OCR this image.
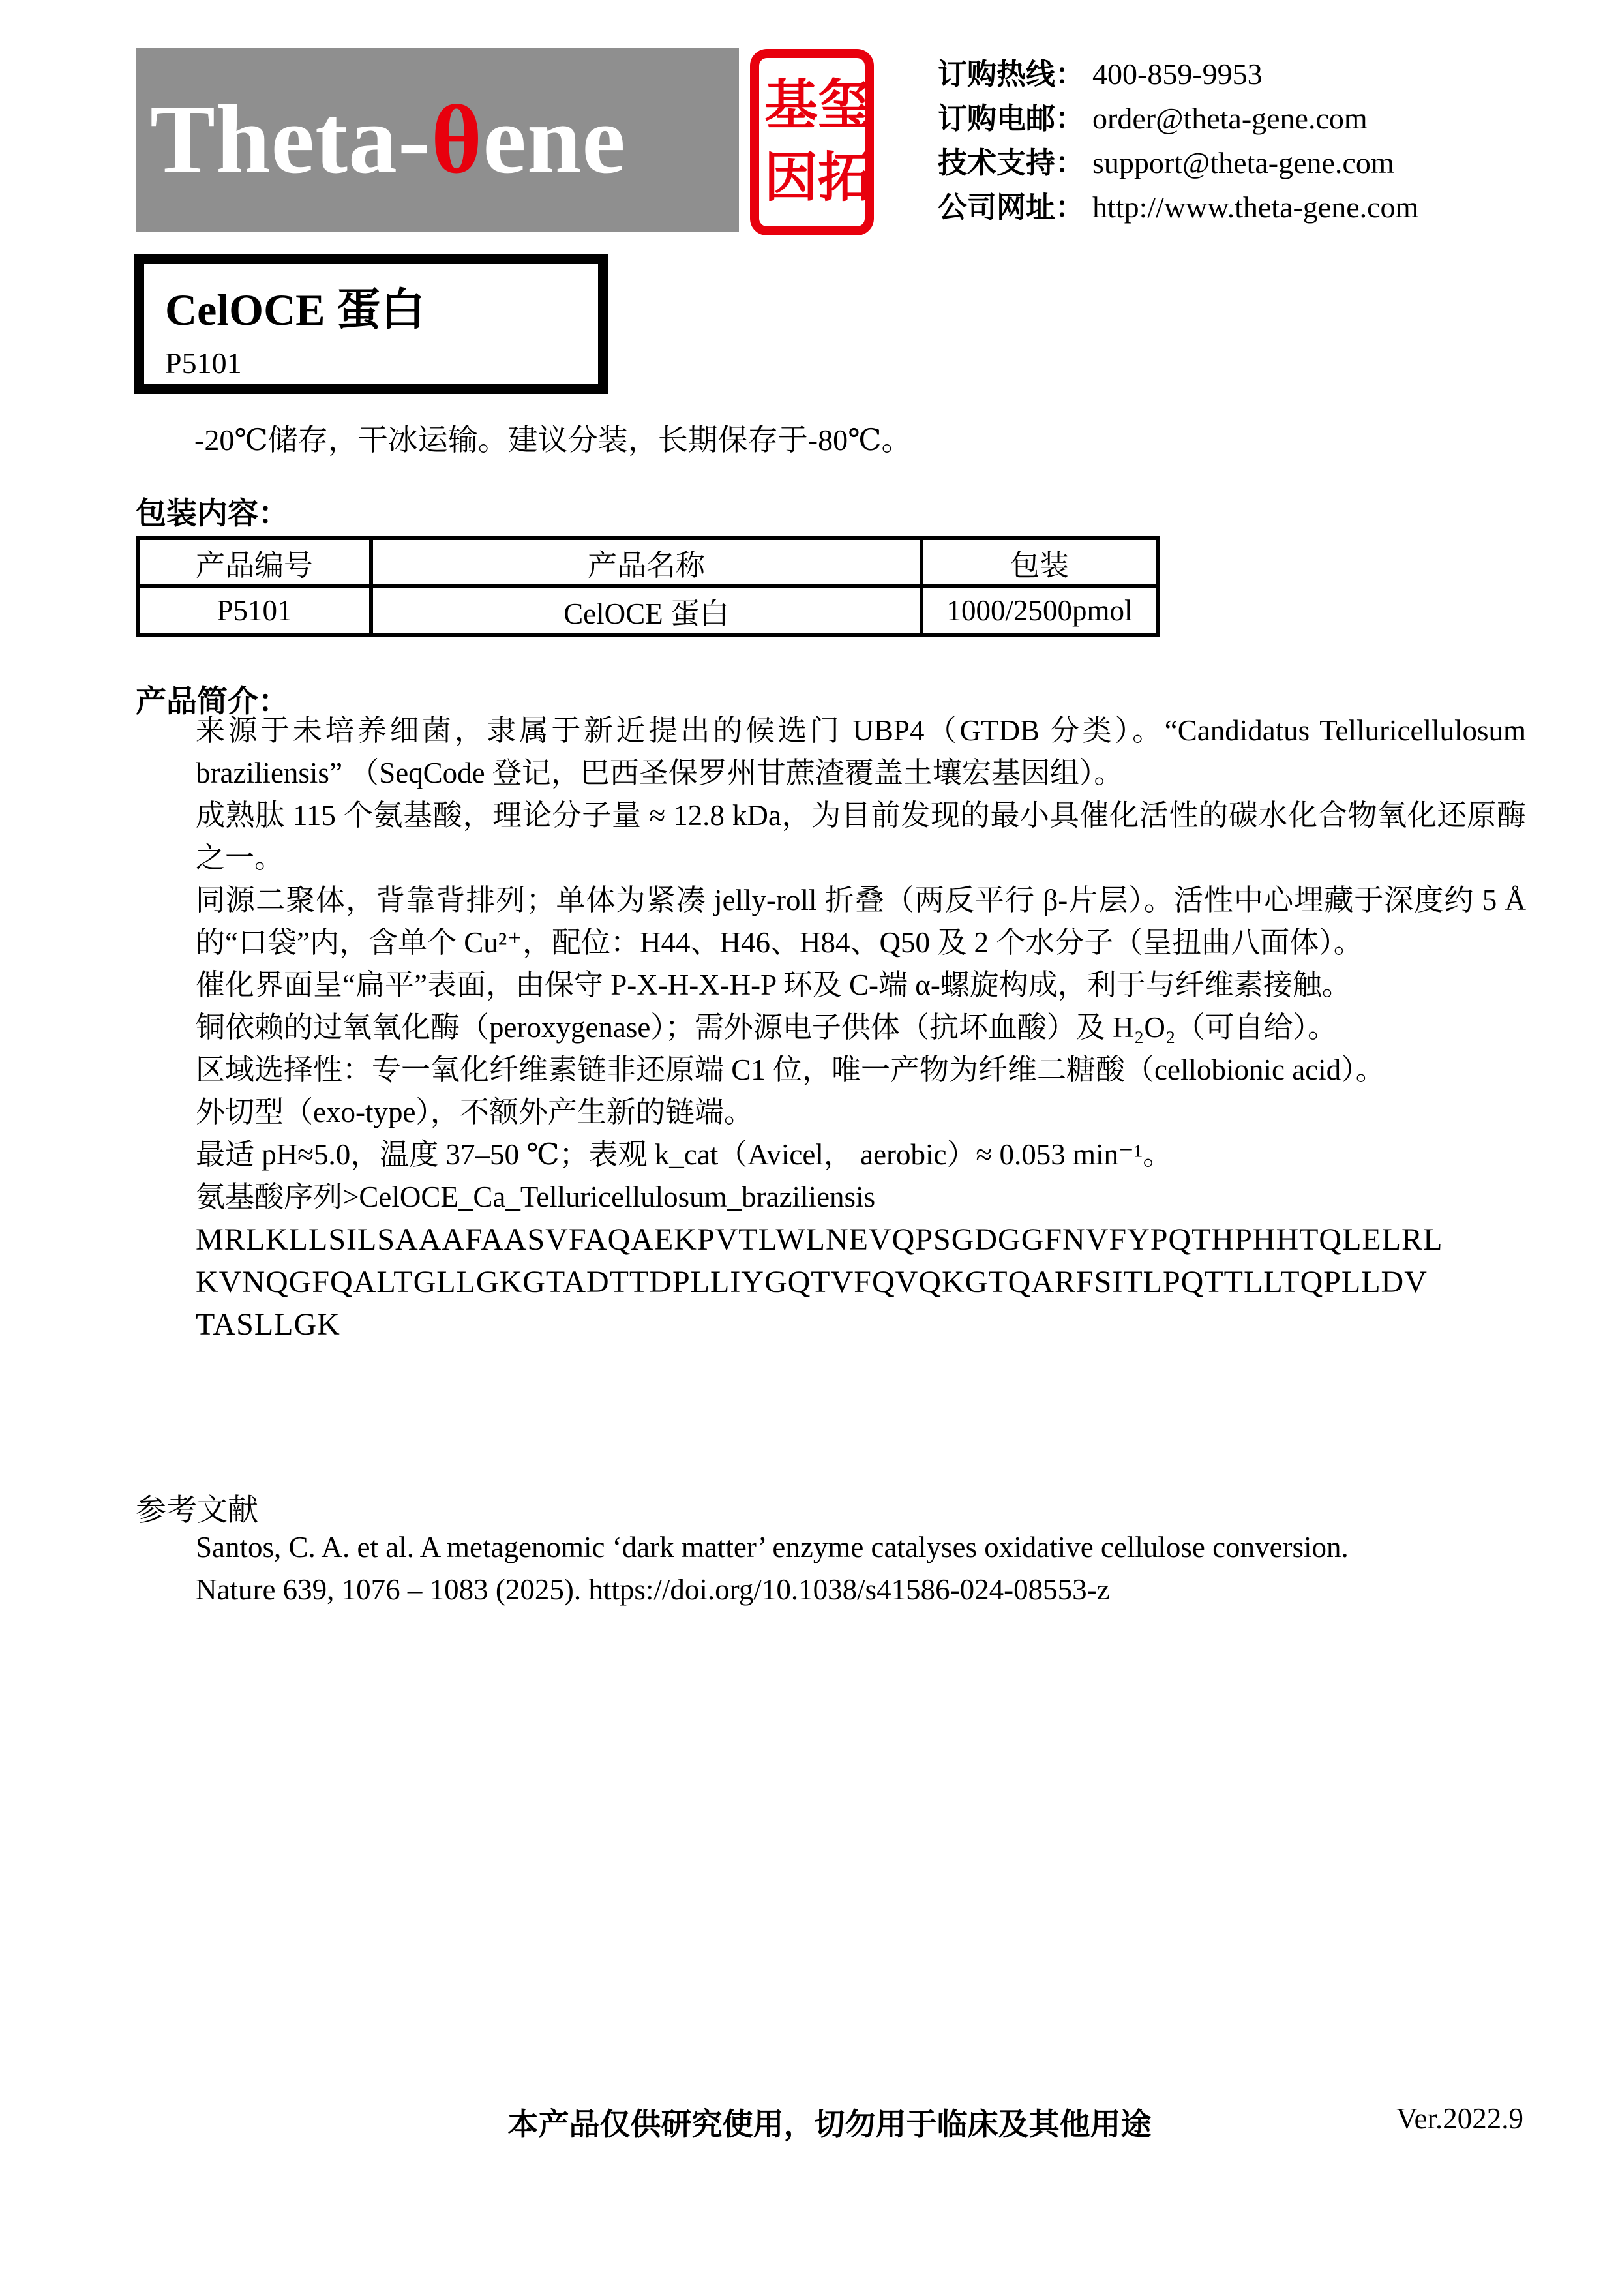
Theta-θene	基 玺
因 拓
订购热线： 400-859-9953
订购电邮： order@theta-gene.com
技术支持： support@theta-gene.com
公司网址： http://www.theta-gene.com
CelOCE 蛋白
P5101
-20℃储存，干冰运输。建议分装，长期保存于-80℃。
包装内容：
产品编号	产品名称	包装
P5101	CelOCE 蛋白	1000/2500pmol
产品简介：

来源于未培养细菌，隶属于新近提出的候选门 UBP4（GTDB 分类）。“Candidatus Telluricellulosum braziliensis” （SeqCode 登记，巴西圣保罗州甘蔗渣覆盖土壤宏基因组）。

成熟肽 115 个氨基酸，理论分子量 ≈ 12.8 kDa，为目前发现的最小具催化活性的碳水化合物氧化还原酶之一。

同源二聚体，背靠背排列；单体为紧凑 jelly-roll 折叠（两反平行 β-片层）。活性中心埋藏于深度约 5 Å 的“口袋”内，含单个 Cu²⁺，配位：H44、H46、H84、Q50 及 2 个水分子（呈扭曲八面体）。

催化界面呈“扁平”表面，由保守 P-X-H-X-H-P 环及 C-端 α-螺旋构成，利于与纤维素接触。

铜依赖的过氧氧化酶（peroxygenase）；需外源电子供体（抗坏血酸）及 H₂O₂（可自给）。

区域选择性：专一氧化纤维素链非还原端 C1 位，唯一产物为纤维二糖酸（cellobionic acid）。

外切型（exo-type），不额外产生新的链端。

最适 pH≈5.0，温度 37–50 ℃；表观 k_cat（Avicel， aerobic）≈ 0.053 min⁻¹。

氨基酸序列>CelOCE_Ca_Telluricellulosum_braziliensis

MRLKLLSILSAAAFAASVFAQAEKPVTLWLNEVQPSGDGGFNVFYPQTHPHHTQLELRL
KVNQGFQALTGLLGKGTADTTDPLLIYGQTVFQVQKGTQARFSITLPQTTLLTQPLLDV
TASLLGK
参考文献

Santos, C. A. et al. A metagenomic ‘dark matter’ enzyme catalyses oxidative cellulose conversion.

Nature 639, 1076 – 1083 (2025). https://doi.org/10.1038/s41586-024-08553-z

本产品仅供研究使用，切勿用于临床及其他用途	Ver.2022.9
